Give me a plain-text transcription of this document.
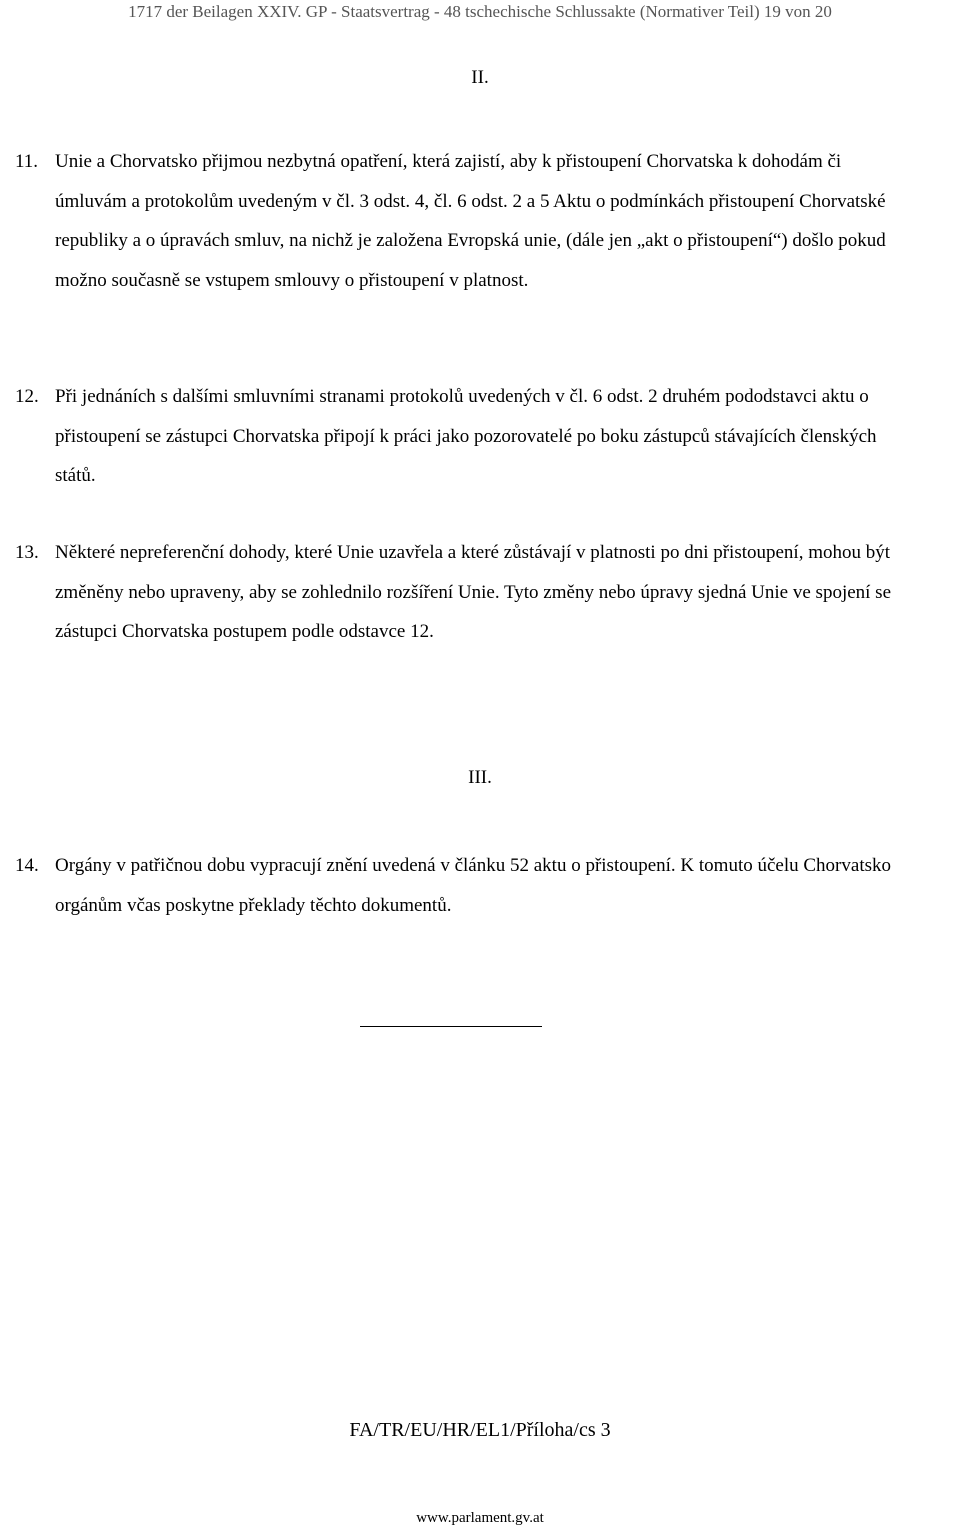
1717 der Beilagen XXIV. GP - Staatsvertrag - 48 tschechische Schlussakte (Normativer Teil) 19 von 20
II.
11. Unie a Chorvatsko přijmou nezbytná opatření, která zajistí, aby k přistoupení Chorvatska k dohodám či úmluvám a protokolům uvedeným v čl. 3 odst. 4, čl. 6 odst. 2 a 5 Aktu o podmínkách přistoupení Chorvatské republiky a o úpravách smluv, na nichž je založena Evropská unie, (dále jen „akt o přistoupení“) došlo pokud možno současně se vstupem smlouvy o přistoupení v platnost.
12. Při jednáních s dalšími smluvními stranami protokolů uvedených v čl. 6 odst. 2 druhém pododstavci aktu o přistoupení se zástupci Chorvatska připojí k práci jako pozorovatelé po boku zástupců stávajících členských států.
13. Některé nepreferenční dohody, které Unie uzavřela a které zůstávají v platnosti po dni přistoupení, mohou být změněny nebo upraveny, aby se zohlednilo rozšíření Unie. Tyto změny nebo úpravy sjedná Unie ve spojení se zástupci Chorvatska postupem podle odstavce 12.
III.
14. Orgány v patřičnou dobu vypracují znění uvedená v článku 52 aktu o přistoupení. K tomuto účelu Chorvatsko orgánům včas poskytne překlady těchto dokumentů.
FA/TR/EU/HR/EL1/Příloha/cs 3
www.parlament.gv.at
